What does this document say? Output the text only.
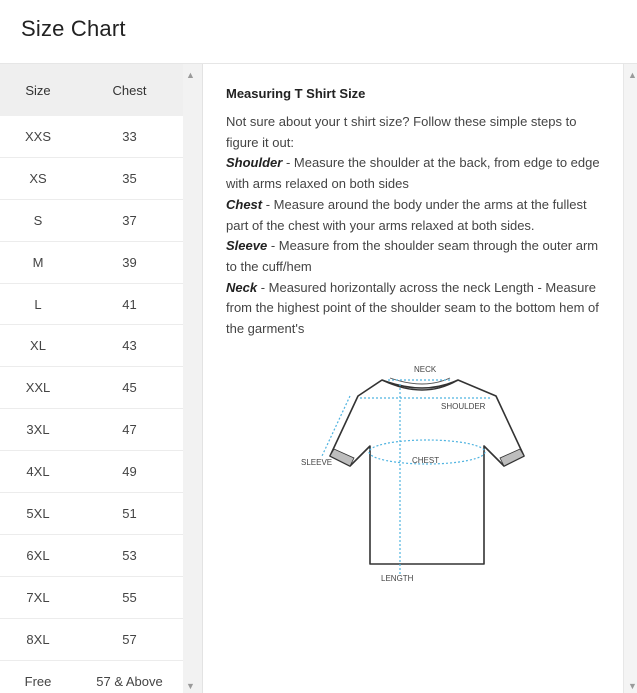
Size Chart
Size	Chest
XXS	33
XS	35
S	37
M	39
L	41
XL	43
XXL	45
3XL	47
4XL	49
5XL	51
6XL	53
7XL	55
8XL	57
Free	57 & Above
▲
▼
Measuring T Shirt Size
Not sure about your t shirt size? Follow these simple steps to figure it out:
Shoulder - Measure the shoulder at the back, from edge to edge with arms relaxed on both sides
Chest - Measure around the body under the arms at the fullest part of the chest with your arms relaxed at both sides.
Sleeve - Measure from the shoulder seam through the outer arm to the cuff/hem
Neck - Measured horizontally across the neck Length - Measure from the highest point of the shoulder seam to the bottom hem of the garment's
NECK
SHOULDER
SLEEVE	CHEST
LENGTH
▲
▼
